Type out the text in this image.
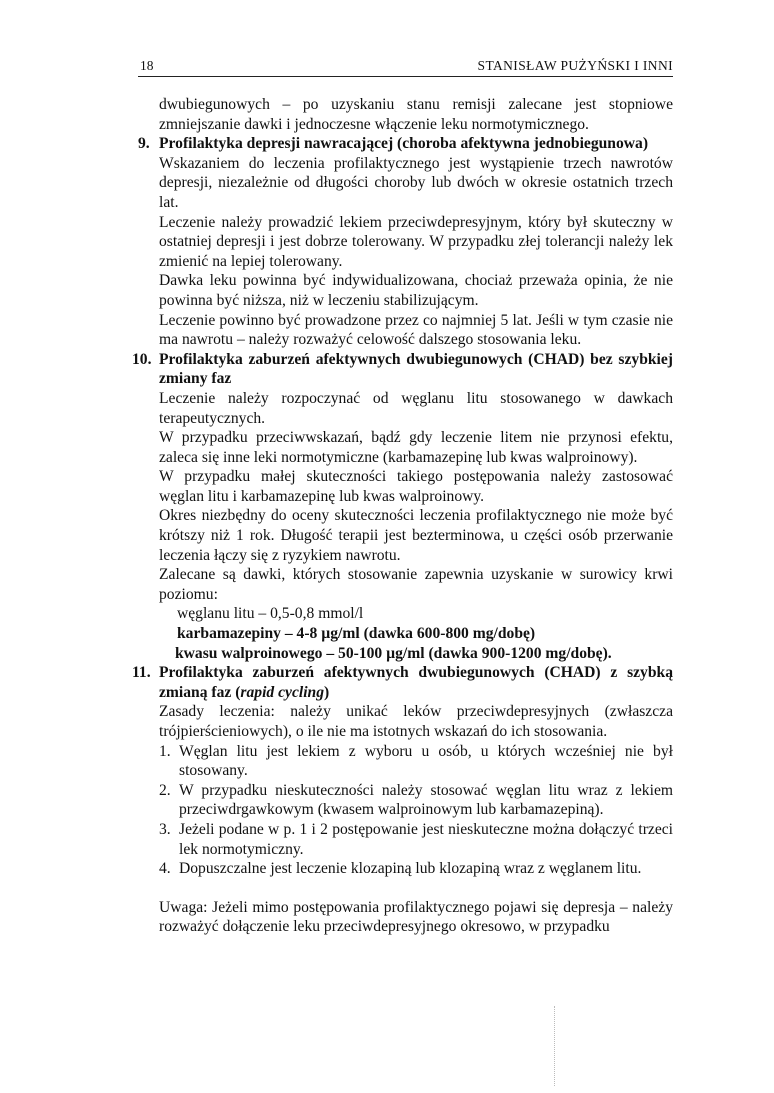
18	STANISŁAW PUŻYŃSKI I INNI
dwubiegunowych – po uzyskaniu stanu remisji zalecane jest stopniowe zmniejszanie dawki i jednoczesne włączenie leku normotymicznego.
9. Profilaktyka depresji nawracającej (choroba afektywna jednobiegunowa)
Wskazaniem do leczenia profilaktycznego jest wystąpienie trzech nawrotów depresji, niezależnie od długości choroby lub dwóch w okresie ostatnich trzech lat.
Leczenie należy prowadzić lekiem przeciwdepresyjnym, który był skuteczny w ostatniej depresji i jest dobrze tolerowany. W przypadku złej tolerancji należy lek zmienić na lepiej tolerowany.
Dawka leku powinna być indywidualizowana, chociaż przeważa opinia, że nie powinna być niższa, niż w leczeniu stabilizującym.
Leczenie powinno być prowadzone przez co najmniej 5 lat. Jeśli w tym czasie nie ma nawrotu – należy rozważyć celowość dalszego stosowania leku.
10. Profilaktyka zaburzeń afektywnych dwubiegunowych (CHAD) bez szybkiej zmiany faz
Leczenie należy rozpoczynać od węglanu litu stosowanego w dawkach terapeutycznych.
W przypadku przeciwwskazań, bądź gdy leczenie litem nie przynosi efektu, zaleca się inne leki normotymiczne (karbamazepinę lub kwas walproinowy).
W przypadku małej skuteczności takiego postępowania należy zastosować węglan litu i karbamazepinę lub kwas walproinowy.
Okres niezbędny do oceny skuteczności leczenia profilaktycznego nie może być krótszy niż 1 rok. Długość terapii jest bezterminowa, u części osób przerwanie leczenia łączy się z ryzykiem nawrotu.
Zalecane są dawki, których stosowanie zapewnia uzyskanie w surowicy krwi poziomu:
węglanu litu – 0,5-0,8 mmol/l
karbamazepiny – 4-8 µg/ml (dawka 600-800 mg/dobę)
kwasu walproinowego – 50-100 µg/ml (dawka 900-1200 mg/dobę).
11. Profilaktyka zaburzeń afektywnych dwubiegunowych (CHAD) z szybką zmianą faz (rapid cycling)
Zasady leczenia: należy unikać leków przeciwdepresyjnych (zwłaszcza trójpierścieniowych), o ile nie ma istotnych wskazań do ich stosowania.
1. Węglan litu jest lekiem z wyboru u osób, u których wcześniej nie był stosowany.
2. W przypadku nieskuteczności należy stosować węglan litu wraz z lekiem przeciwdrgawkowym (kwasem walproinowym lub karbamazepiną).
3. Jeżeli podane w p. 1 i 2 postępowanie jest nieskuteczne można dołączyć trzeci lek normotymiczny.
4. Dopuszczalne jest leczenie klozapiną lub klozapiną wraz z węglanem litu.
Uwaga: Jeżeli mimo postępowania profilaktycznego pojawi się depresja – należy rozważyć dołączenie leku przeciwdepresyjnego okresowo, w przypadku
